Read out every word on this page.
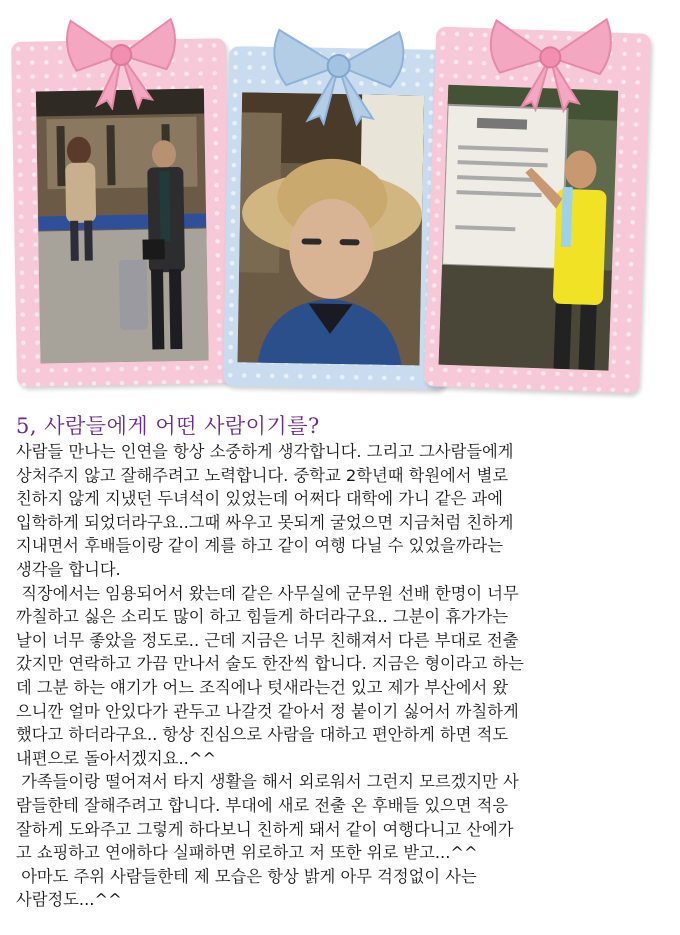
5, 사람들에게 어떤 사람이기를?

사람들 만나는 인연을 항상 소중하게 생각합니다. 그리고 그사람들에게
상처주지 않고 잘해주려고 노력합니다. 중학교 2학년때 학원에서 별로
친하지 않게 지냈던 두녀석이 있었는데 어쩌다 대학에 가니 같은 과에
입학하게 되었더라구요..그때 싸우고 못되게 굴었으면 지금처럼 친하게
지내면서 후배들이랑 같이 계를 하고 같이 여행 다닐 수 있었을까라는
생각을 합니다.

직장에서는 임용되어서 왔는데 같은 사무실에 군무원 선배 한명이 너무
까칠하고 싫은 소리도 많이 하고 힘들게 하더라구요.. 그분이 휴가가는
날이 너무 좋았을 정도로.. 근데 지금은 너무 친해져서 다른 부대로 전출
갔지만 연락하고 가끔 만나서 술도 한잔씩 합니다. 지금은 형이라고 하는
데 그분 하는 얘기가 어느 조직에나 텃새라는건 있고 제가 부산에서 왔
으니깐 얼마 안있다가 관두고 나갈것 같아서 정 붙이기 싫어서 까칠하게
했다고 하더라구요.. 항상 진심으로 사람을 대하고 편안하게 하면 적도
내편으로 돌아서겠지요..^^

가족들이랑 떨어져서 타지 생활을 해서 외로워서 그런지 모르겠지만 사
람들한테 잘해주려고 합니다. 부대에 새로 전출 온 후배들 있으면 적응
잘하게 도와주고 그렇게 하다보니 친하게 돼서 같이 여행다니고 산에가
고 쇼핑하고 연애하다 실패하면 위로하고 저 또한 위로 받고...^^

아마도 주위 사람들한테 제 모습은 항상 밝게 아무 걱정없이 사는
사람정도...^^
